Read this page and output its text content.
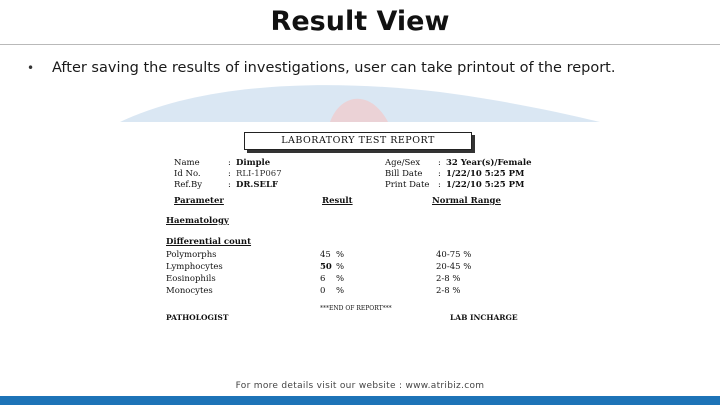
Result View
• After saving the results of investigations, user can take printout of the report.
LABORATORY TEST REPORT
Name	: Dimple
Id No.	: RLI-1P067
Ref.By	: DR.SELF
Age/Sex : 32 Year(s)/Female
Bill Date : 1/22/10 5:25 PM
Print Date : 1/22/10 5:25 PM
Parameter	Result	Normal Range
Haematology
Differential count
Polymorphs	45 %	40-75 %
Lymphocytes	50 %	20-45 %
Eosinophils	6 %	2-8 %
Monocytes	0 %	2-8 %
***END OF REPORT***
PATHOLOGIST	LAB INCHARGE
For more details visit our website : www.atribiz.com
